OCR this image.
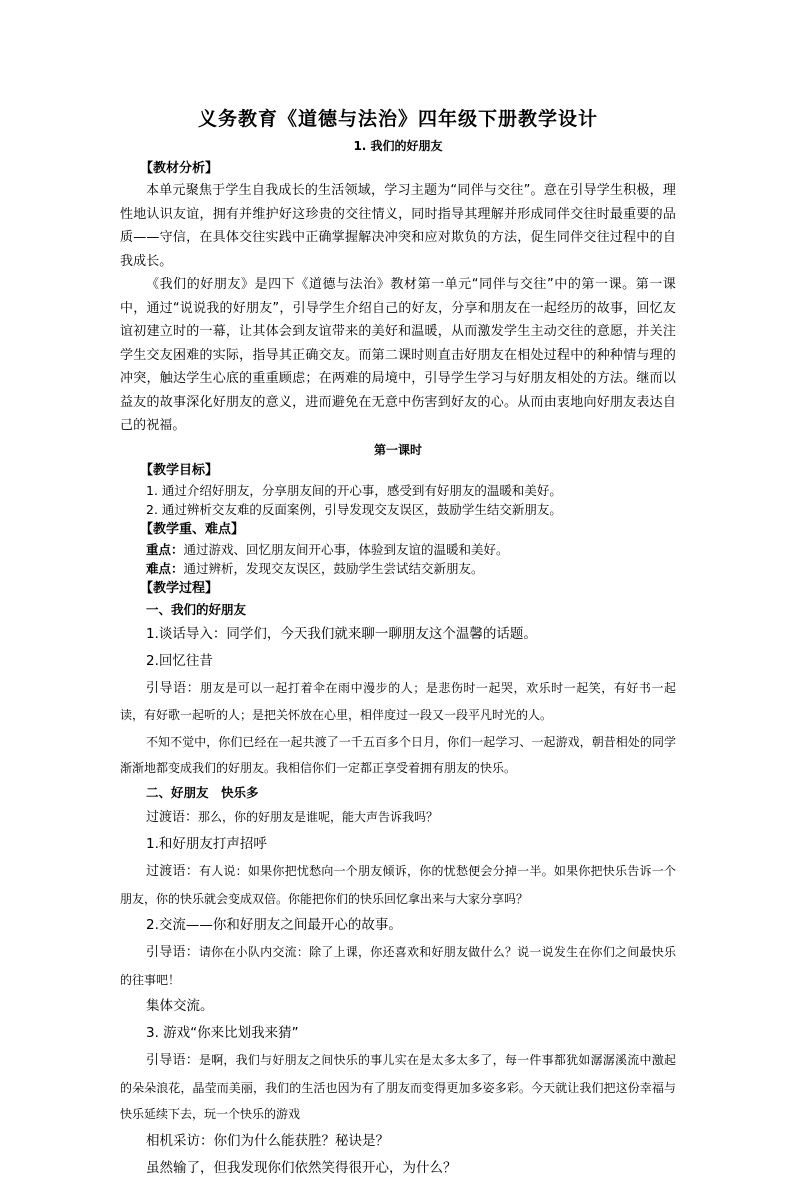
义务教育《道德与法治》四年级下册教学设计

1. 我们的好朋友

【教材分析】

本单元聚焦于学生自我成长的生活领域，学习主题为“同伴与交往”。意在引导学生积极，理性地认识友谊，拥有并维护好这珍贵的交往情义，同时指导其理解并形成同伴交往时最重要的品质——守信，在具体交往实践中正确掌握解决冲突和应对欺负的方法，促生同伴交往过程中的自我成长。

《我们的好朋友》是四下《道德与法治》教材第一单元“同伴与交往”中的第一课。第一课中，通过“说说我的好朋友”，引导学生介绍自己的好友，分享和朋友在一起经历的故事，回忆友谊初建立时的一幕，让其体会到友谊带来的美好和温暖，从而激发学生主动交往的意愿，并关注学生交友困难的实际，指导其正确交友。而第二课时则直击好朋友在相处过程中的种种情与理的冲突，触达学生心底的重重顾虑；在两难的局境中，引导学生学习与好朋友相处的方法。继而以益友的故事深化好朋友的意义，进而避免在无意中伤害到好友的心。从而由衷地向好朋友表达自己的祝福。

第一课时

【教学目标】

1. 通过介绍好朋友，分享朋友间的开心事，感受到有好朋友的温暖和美好。

2. 通过辨析交友难的反面案例，引导发现交友误区，鼓励学生结交新朋友。

【教学重、难点】

重点：通过游戏、回忆朋友间开心事，体验到友谊的温暖和美好。

难点：通过辨析，发现交友误区，鼓励学生尝试结交新朋友。

【教学过程】

一、我们的好朋友

1.谈话导入：同学们，今天我们就来聊一聊朋友这个温馨的话题。

2.回忆往昔

引导语：朋友是可以一起打着伞在雨中漫步的人；是悲伤时一起哭，欢乐时一起笑，有好书一起读，有好歌一起听的人；是把关怀放在心里，相伴度过一段又一段平凡时光的人。

不知不觉中，你们已经在一起共渡了一千五百多个日月，你们一起学习、一起游戏，朝昔相处的同学渐渐地都变成我们的好朋友。我相信你们一定都正享受着拥有朋友的快乐。

二、好朋友　快乐多

过渡语：那么，你的好朋友是谁呢，能大声告诉我吗？

1.和好朋友打声招呼

过渡语：有人说：如果你把忧愁向一个朋友倾诉，你的忧愁便会分掉一半。如果你把快乐告诉一个朋友，你的快乐就会变成双倍。你能把你们的快乐回忆拿出来与大家分享吗？

2.交流——你和好朋友之间最开心的故事。

引导语：请你在小队内交流：除了上课，你还喜欢和好朋友做什么？说一说发生在你们之间最快乐的往事吧！

集体交流。

3. 游戏“你来比划我来猜”

引导语：是啊，我们与好朋友之间快乐的事儿实在是太多太多了，每一件事都犹如潺潺溪流中激起的朵朵浪花，晶莹而美丽，我们的生活也因为有了朋友而变得更加多姿多彩。今天就让我们把这份幸福与快乐延续下去，玩一个快乐的游戏

相机采访：你们为什么能获胜？秘诀是？

虽然输了，但我发现你们依然笑得很开心，为什么？
